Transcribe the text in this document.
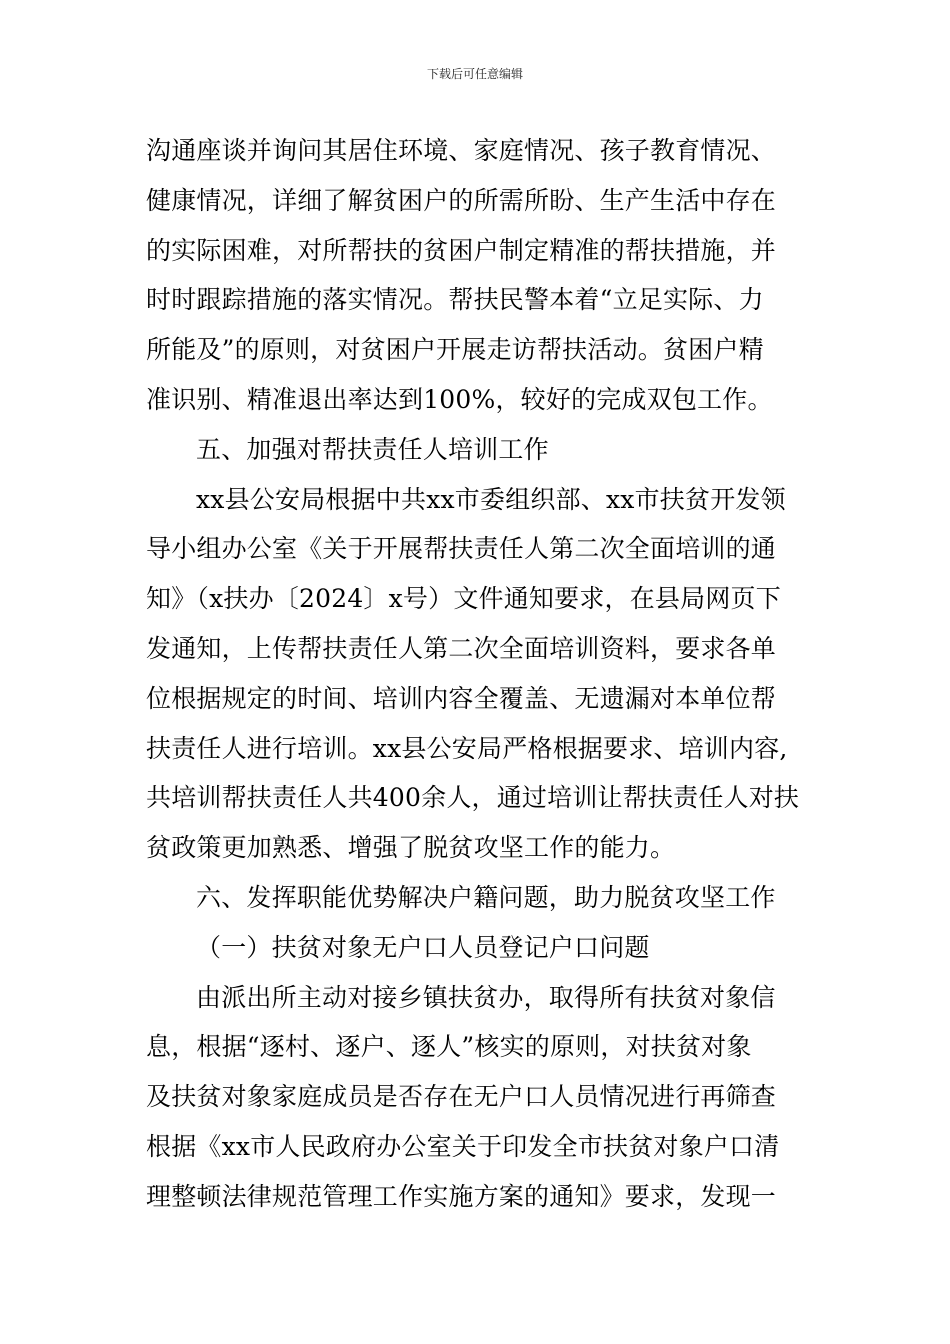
下载后可任意编辑
沟通座谈并询问其居住环境、家庭情况、孩子教育情况、
健康情况，详细了解贫困户的所需所盼、生产生活中存在
的实际困难，对所帮扶的贫困户制定精准的帮扶措施，并
时时跟踪措施的落实情况。帮扶民警本着“立足实际、力
所能及”的原则，对贫困户开展走访帮扶活动。贫困户精
准识别、精准退出率达到100%，较好的完成双包工作。
五、加强对帮扶责任人培训工作
xx县公安局根据中共xx市委组织部、xx市扶贫开发领
导小组办公室《关于开展帮扶责任人第二次全面培训的通
知》（x扶办〔2024〕x号）文件通知要求，在县局网页下
发通知，上传帮扶责任人第二次全面培训资料，要求各单
位根据规定的时间、培训内容全覆盖、无遗漏对本单位帮
扶责任人进行培训。xx县公安局严格根据要求、培训内容,
共培训帮扶责任人共400余人，通过培训让帮扶责任人对扶
贫政策更加熟悉、增强了脱贫攻坚工作的能力。
六、发挥职能优势解决户籍问题，助力脱贫攻坚工作
（一）扶贫对象无户口人员登记户口问题
由派出所主动对接乡镇扶贫办，取得所有扶贫对象信
息，根据“逐村、逐户、逐人”核实的原则，对扶贫对象
及扶贫对象家庭成员是否存在无户口人员情况进行再筛查
根据《xx市人民政府办公室关于印发全市扶贫对象户口清
理整顿法律规范管理工作实施方案的通知》要求，发现一
